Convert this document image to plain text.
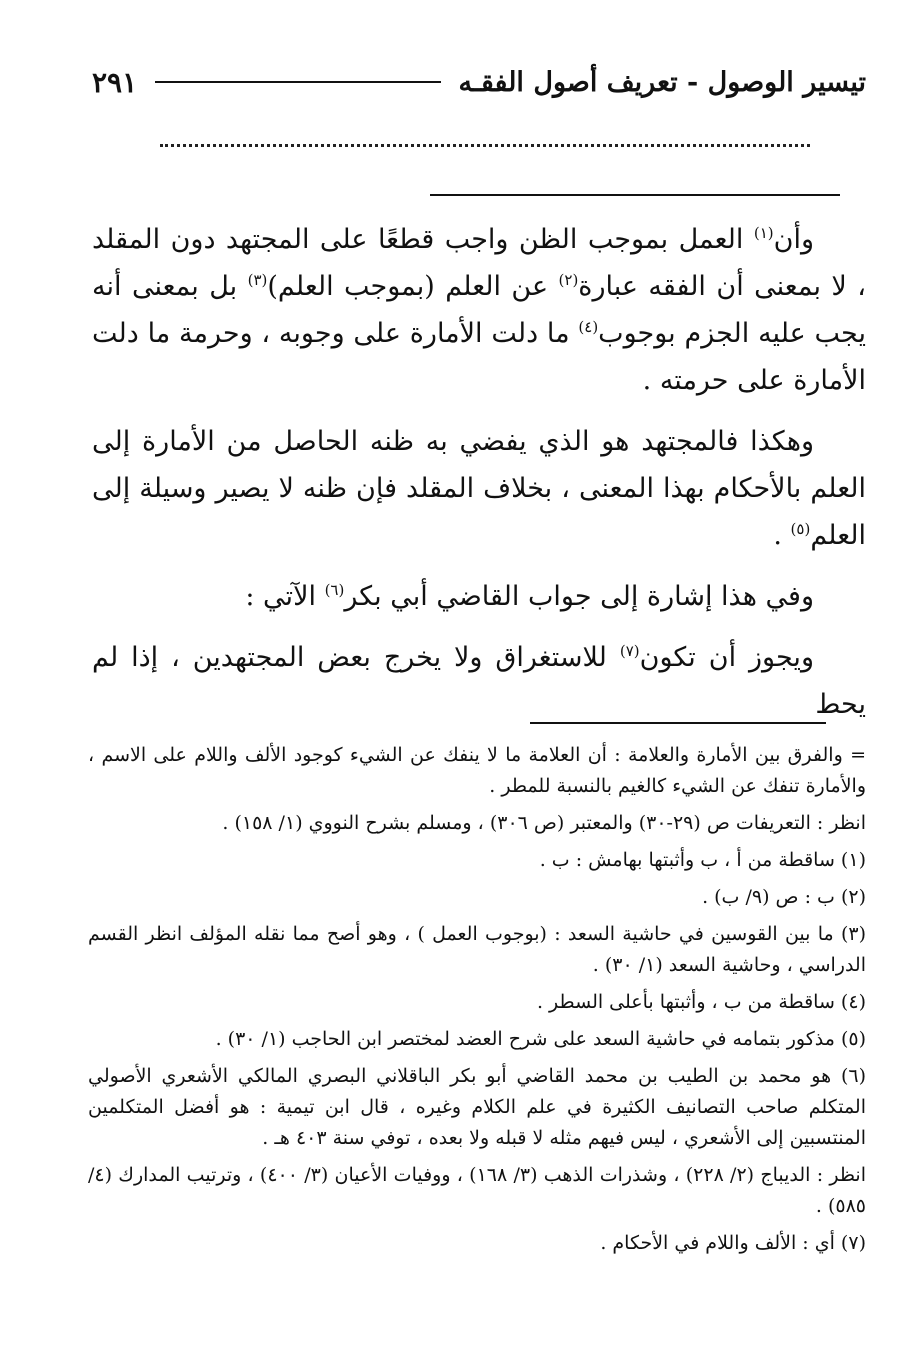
تيسير الوصول - تعريف أصول الفقـه
٢٩١

وأن$^{(١)}$ العمل بموجب الظن واجب قطعًا على المجتهد دون المقلد ، لا بمعنى أن الفقه عبارة$^{(٢)}$ عن العلم (بموجب العلم)$^{(٣)}$ بل بمعنى أنه يجب عليه الجزم بوجوب$^{(٤)}$ ما دلت الأمارة على وجوبه ، وحرمة ما دلت الأمارة على حرمته .

وهكذا فالمجتهد هو الذي يفضي به ظنه الحاصل من الأمارة إلى العلم بالأحكام بهذا المعنى ، بخلاف المقلد فإن ظنه لا يصير وسيلة إلى العلم$^{(٥)}$ .

وفي هذا إشارة إلى جواب القاضي أبي بكر$^{(٦)}$ الآتي :

ويجوز أن تكون$^{(٧)}$ للاستغراق ولا يخرج بعض المجتهدين ، إذا لم يحط

= والفرق بين الأمارة والعلامة : أن العلامة ما لا ينفك عن الشيء كوجود الألف واللام على الاسم ، والأمارة تنفك عن الشيء كالغيم بالنسبة للمطر .

انظر : التعريفات ص (٢٩-٣٠) والمعتبر (ص ٣٠٦) ، ومسلم بشرح النووي (١/ ١٥٨) .

(١) ساقطة من أ ، ب وأثبتها بهامش : ب .

(٢) ب : ص (٩/ ب) .

(٣) ما بين القوسين في حاشية السعد : (بوجوب العمل ) ، وهو أصح مما نقله المؤلف انظر القسم الدراسي ، وحاشية السعد (١/ ٣٠) .

(٤) ساقطة من ب ، وأثبتها بأعلى السطر .

(٥) مذكور بتمامه في حاشية السعد على شرح العضد لمختصر ابن الحاجب (١/ ٣٠) .

(٦) هو محمد بن الطيب بن محمد القاضي أبو بكر الباقلاني البصري المالكي الأشعري الأصولي المتكلم صاحب التصانيف الكثيرة في علم الكلام وغيره ، قال ابن تيمية : هو أفضل المتكلمين المنتسبين إلى الأشعري ، ليس فيهم مثله لا قبله ولا بعده ، توفي سنة ٤٠٣ هـ .

انظر : الديباج (٢/ ٢٢٨) ، وشذرات الذهب (٣/ ١٦٨) ، ووفيات الأعيان (٣/ ٤٠٠) ، وترتيب المدارك (٤/ ٥٨٥) .

(٧) أي : الألف واللام في الأحكام .
